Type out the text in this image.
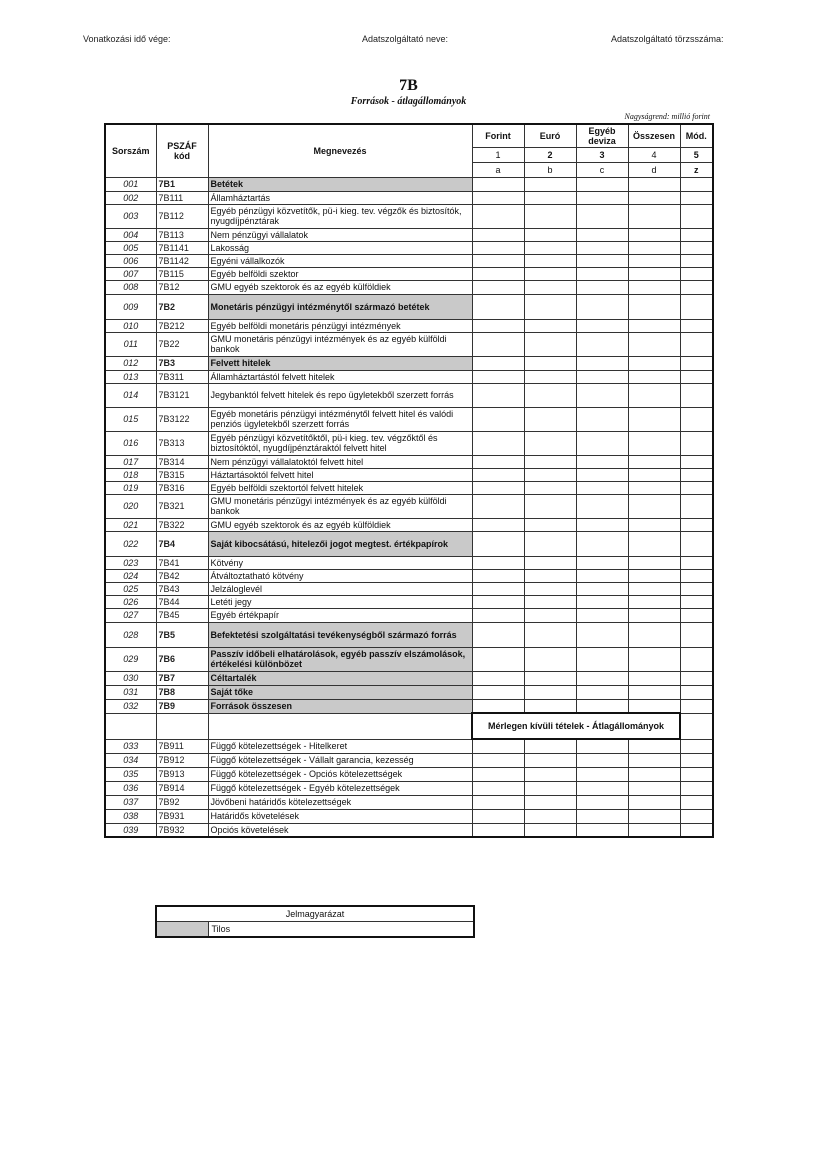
Vonatkozási idő vége:	Adatszolgáltató neve:	Adatszolgáltató törzsszáma:
7B
Források - átlagállományok
Nagyságrend: millió forint
Sorszám	PSZÁF kód	Megnevezés	Forint	Euró	Egyéb deviza	Összesen	Mód.
			1	2	3	4	5
			a	b	c	d	z
001	7B1	Betétek					
002	7B111	Államháztartás					
003	7B112	Egyéb pénzügyi közvetítők, pü-i kieg. tev. végzők és biztosítók, nyugdíjpénztárak					
004	7B113	Nem pénzügyi vállalatok					
005	7B1141	Lakosság					
006	7B1142	Egyéni vállalkozók					
007	7B115	Egyéb belföldi szektor					
008	7B12	GMU egyéb szektorok és az egyéb külföldiek					
009	7B2	Monetáris pénzügyi intézménytől származó betétek					
010	7B212	Egyéb belföldi monetáris pénzügyi intézmények					
011	7B22	GMU monetáris pénzügyi intézmények és az egyéb külföldi bankok					
012	7B3	Felvett hitelek					
013	7B311	Államháztartástól felvett hitelek					
014	7B3121	Jegybanktól felvett hitelek és repo ügyletekből szerzett forrás					
015	7B3122	Egyéb monetáris pénzügyi intézménytől felvett hitel és valódi penziós ügyletekből szerzett forrás					
016	7B313	Egyéb pénzügyi közvetítőktől, pü-i kieg. tev. végzőktől és biztosítóktól, nyugdíjpénztáraktól felvett hitel					
017	7B314	Nem pénzügyi vállalatoktól felvett hitel					
018	7B315	Háztartásoktól felvett hitel					
019	7B316	Egyéb belföldi szektortól felvett hitelek					
020	7B321	GMU monetáris pénzügyi intézmények és az egyéb külföldi bankok					
021	7B322	GMU egyéb szektorok és az egyéb külföldiek					
022	7B4	Saját kibocsátású, hitelezői jogot megtest. értékpapírok					
023	7B41	Kötvény					
024	7B42	Átváltoztatható kötvény					
025	7B43	Jelzáloglevél					
026	7B44	Letéti jegy					
027	7B45	Egyéb értékpapír					
028	7B5	Befektetési szolgáltatási tevékenységből származó forrás					
029	7B6	Passzív időbeli elhatárolások, egyéb passzív elszámolások, értékelési különbözet					
030	7B7	Céltartalék					
031	7B8	Saját tőke					
032	7B9	Források összesen					
			Mérlegen kívüli tételek - Átlagállományok				
033	7B911	Függő kötelezettségek - Hitelkeret					
034	7B912	Függő kötelezettségek - Vállalt garancia, kezesség					
035	7B913	Függő kötelezettségek - Opciós kötelezettségek					
036	7B914	Függő kötelezettségek - Egyéb kötelezettségek					
037	7B92	Jövőbeni határidős kötelezettségek					
038	7B931	Határidős követelések					
039	7B932	Opciós követelések					
Jelmagyarázat
	Tilos
